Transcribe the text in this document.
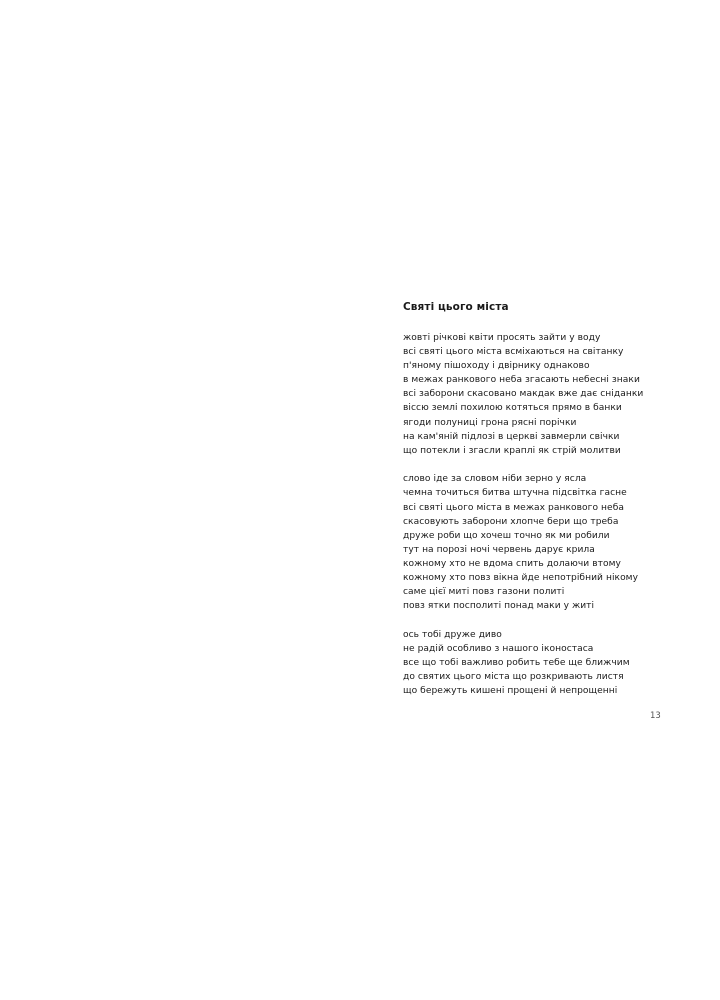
Святі цього міста
жовті річкові квіти просять зайти у воду
всі святі цього міста всміхаються на світанку
п'яному пішоходу і двірнику однаково
в межах ранкового неба згасають небесні знаки
всі заборони скасовано макдак вже дає сніданки
віссю землі похилою котяться прямо в банки
ягоди полуниці грона рясні порічки
на кам'яній підлозі в церкві завмерли свічки
що потекли і згасли краплі як стрій молитви
слово іде за словом ніби зерно у ясла
чемна точиться битва штучна підсвітка гасне
всі святі цього міста в межах ранкового неба
скасовують заборони хлопче бери що треба
друже роби що хочеш точно як ми робили
тут на порозі ночі червень дарує крила
кожному хто не вдома спить долаючи втому
кожному хто повз вікна йде непотрібний нікому
саме цієї миті повз газони политі
повз ятки посполиті понад маки у житі
ось тобі друже диво
не радій особливо з нашого іконостаса
все що тобі важливо робить тебе ще ближчим
до святих цього міста що розкривають листя
що бережуть кишені прощені й непрощенні
13
